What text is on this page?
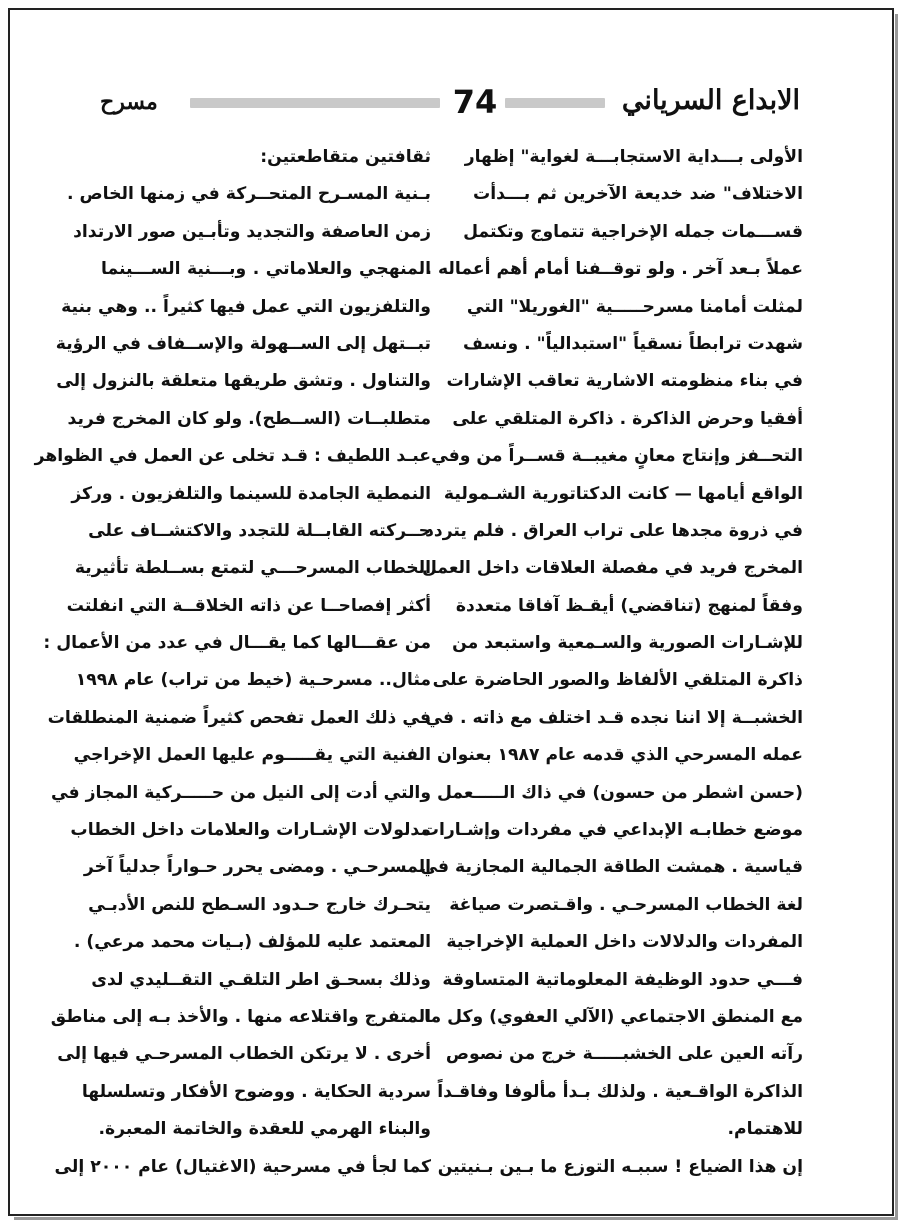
الابداع السرياني
74
مسرح
الأولى بـــداية الاستجابـــة لغواية" إظهار
الاختلاف" ضد خديعة الآخرين ثم بـــدأت
قســـمات جمله الإخراجية تتماوج وتكتمل
عملاً بـعد آخر . ولو توقــفنا أمام أهم أعماله .
لمثلت أمامنا مسرحـــــية "الغوريلا" التي
شهدت ترابطاً نسقياً "استبدالياً" . ونسف
في بناء منظومته الاشارية تعاقب الإشارات
أفقيا وحرض الذاكرة . ذاكرة المتلقي على
التحــفز وإنتاج معانٍ مغيبــة قســراً من وفي
الواقع أيامها — كانت الدكتاتورية الشـمولية
في ذروة مجدها على تراب العراق . فلم يتردد
المخرج فريد في مفصلة العلاقات داخل العمل
وفقاً لمنهج (تناقضي) أيقـظ آفاقا متعددة
للإشـارات الصورية والسـمعية واستبعد من
ذاكرة المتلقي الألفاظ والصور الحاضرة على
الخشبــة إلا اننا نجده قـد اختلف مع ذاته . في
عمله المسرحي الذي قدمه عام ١٩٨٧ بعنوان
(حسن اشطر من حسون) في ذاك الـــــعمل
موضع خطابـه الإبداعي في مفردات وإشـارات
قياسية . همشت الطاقة الجمالية المجازية في
لغة الخطاب المسرحـي . واقـتصرت صياغة
المفردات والدلالات داخل العملية الإخراجية
فـــي حدود الوظيفة المعلوماتية المتساوقة
مع المنطق الاجتماعي (الآلي العفوي) وكل ما
رآته العين على الخشبـــــة خرج من نصوص
الذاكرة الواقـعية . ولذلك بـدأ مألوفا وفاقـداً
للاهتمام.
إن هذا الضياع ! سببـه التوزع ما بـين بـنيتين
ثقافتين متقاطعتين:
بـنية المسـرح المتحــركة في زمنها الخاص .
زمن العاصفة والتجديد وتأبـين صور الارتداد
المنهجي والعلاماتي . وبـــنية الســـينما
والتلفزيون التي عمل فيها كثيراً .. وهي بنية
تبــتهل إلى الســهولة والإســفاف في الرؤية
والتناول . وتشق طريقها متعلقة بالنزول إلى
متطلبــات (الســطح). ولو كان المخرج فريد
عبـد اللطيف : قـد تخلى عن العمل في الظواهر
النمطية الجامدة للسينما والتلفزيون . وركز
حــركته القابــلة للتجدد والاكتشــاف على
الخطاب المسرحـــي لتمتع بســلطة تأثيرية
أكثر إفصاحــا عن ذاته الخلاقــة التي انفلتت
من عقـــالها كما يقـــال في عدد من الأعمال :
مثال.. مسرحـية (خيط من تراب) عام ١٩٩٨
في ذلك العمل تفحص كثيراً ضمنية المنطلقات
الفنية التي يقـــــوم عليها العمل الإخراجي
والتي أدت إلى النيل من حـــــركية المجاز في
مدلولات الإشـارات والعلامات داخل الخطاب
المسرحـي . ومضى يحرر حـواراً جدلياً آخر
يتحـرك خارج حـدود السـطح للنص الأدبـي
المعتمد عليه للمؤلف (بـيات محمد مرعي) .
وذلك بسحـق اطر التلقـي التقــليدي لدى
المتفرج واقتلاعه منها . والأخذ بـه إلى مناطق
أخرى . لا يرتكن الخطاب المسرحـي فيها إلى
سردية الحكاية . ووضوح الأفكار وتسلسلها
والبناء الهرمي للعقدة والخاتمة المعبرة.
كما لجأ في مسرحية (الاغتيال) عام ٢٠٠٠ إلى
